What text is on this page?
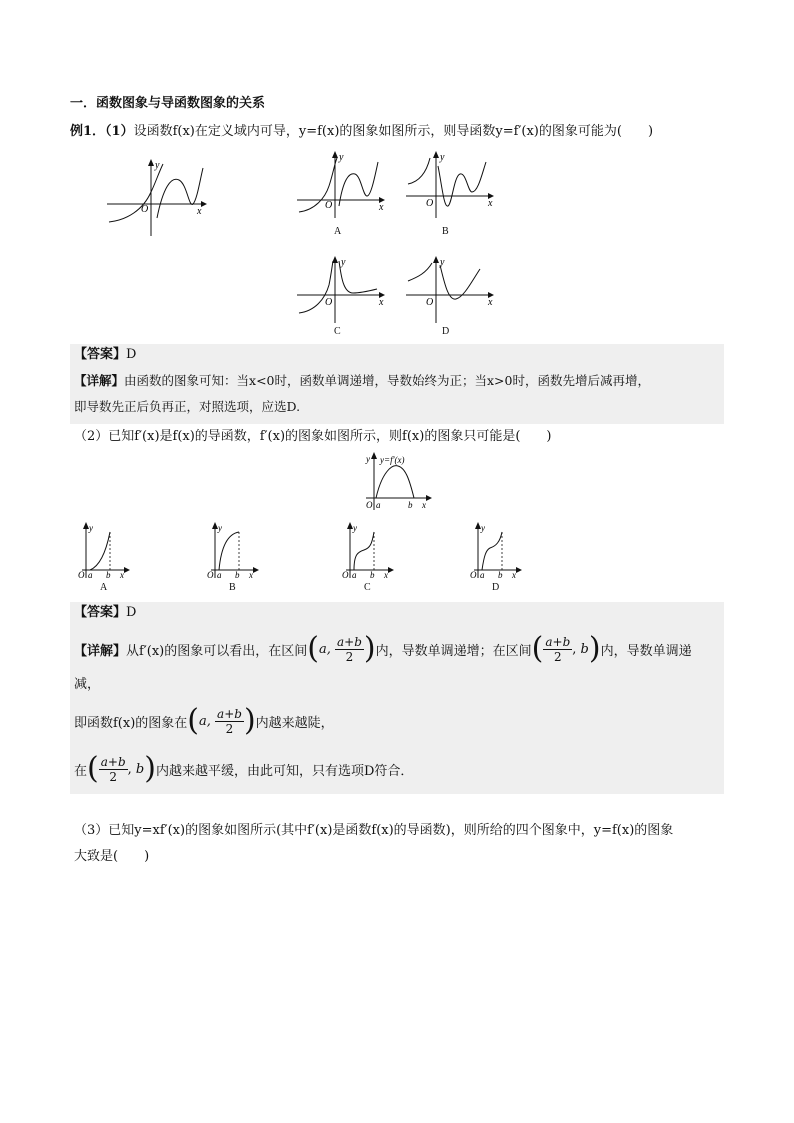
一．函数图象与导函数图象的关系
例1．（1）设函数f(x)在定义域内可导，y=f(x)的图象如图所示，则导函数y=f′(x)的图象可能为(　　)
O	x
y
O	x
y
A
O	x
y
B
O	x
y
C
O	x
y
D
【答案】D
【详解】由函数的图象可知：当x<0时，函数单调递增，导数始终为正；当x>0时，函数先增后减再增，
即导数先正后负再正，对照选项，应选D.
（2）已知f′(x)是f(x)的导函数，f′(x)的图象如图所示，则f(x)的图象只可能是(　　)
y=f′(x)
O a	b x
y
O a b x
y
A
O a b x
y
B
O a b x
y
C
O a b x
y
D
【答案】D
【详解】 从f′(x)的图象可以看出，在区间 ( a,
$\frac{a+b}{2}$ ) 内，导数单调递增；在区间 ( $\frac{a+b}{2}$ , b ) 内，导数单调递
减，
即函数f(x)的图象在 ( a,
$\frac{a+b}{2}$ ) 内越来越陡，
在 ( $\frac{a+b}{2}$ , b ) 内越来越平缓，由此可知，只有选项D符合．
（3）已知y=xf′(x)的图象如图所示(其中f′(x)是函数f(x)的导函数)，则所给的四个图象中，y=f(x)的图象
大致是(　　)
